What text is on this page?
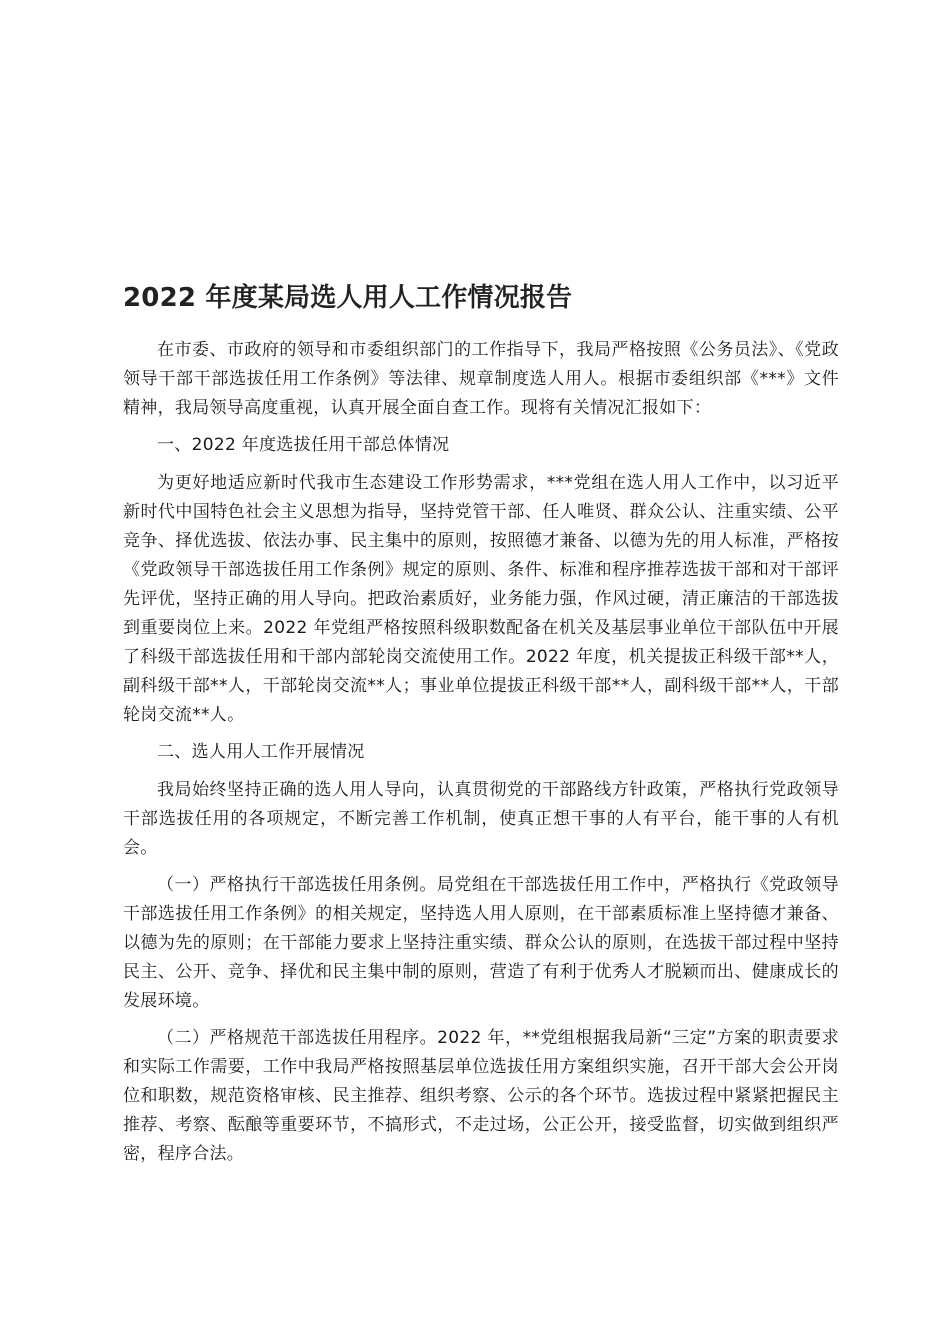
2022 年度某局选人用人工作情况报告

在市委、市政府的领导和市委组织部门的工作指导下，我局严格按照《公务员法》、《党政领导干部干部选拔任用工作条例》等法律、规章制度选人用人。根据市委组织部《***》文件精神，我局领导高度重视，认真开展全面自查工作。现将有关情况汇报如下：

一、2022 年度选拔任用干部总体情况

为更好地适应新时代我市生态建设工作形势需求，***党组在选人用人工作中，以习近平新时代中国特色社会主义思想为指导，坚持党管干部、任人唯贤、群众公认、注重实绩、公平竞争、择优选拔、依法办事、民主集中的原则，按照德才兼备、以德为先的用人标准，严格按《党政领导干部选拔任用工作条例》规定的原则、条件、标准和程序推荐选拔干部和对干部评先评优，坚持正确的用人导向。把政治素质好，业务能力强，作风过硬，清正廉洁的干部选拔到重要岗位上来。2022 年党组严格按照科级职数配备在机关及基层事业单位干部队伍中开展了科级干部选拔任用和干部内部轮岗交流使用工作。2022 年度，机关提拔正科级干部**人，副科级干部**人，干部轮岗交流**人；事业单位提拔正科级干部**人，副科级干部**人，干部轮岗交流**人。

二、选人用人工作开展情况

我局始终坚持正确的选人用人导向，认真贯彻党的干部路线方针政策，严格执行党政领导干部选拔任用的各项规定，不断完善工作机制，使真正想干事的人有平台，能干事的人有机会。

（一）严格执行干部选拔任用条例。局党组在干部选拔任用工作中，严格执行《党政领导干部选拔任用工作条例》的相关规定，坚持选人用人原则，在干部素质标准上坚持德才兼备、以德为先的原则；在干部能力要求上坚持注重实绩、群众公认的原则，在选拔干部过程中坚持民主、公开、竞争、择优和民主集中制的原则，营造了有利于优秀人才脱颖而出、健康成长的发展环境。

（二）严格规范干部选拔任用程序。2022 年，**党组根据我局新“三定”方案的职责要求和实际工作需要，工作中我局严格按照基层单位选拔任用方案组织实施，召开干部大会公开岗位和职数，规范资格审核、民主推荐、组织考察、公示的各个环节。选拔过程中紧紧把握民主推荐、考察、酝酿等重要环节，不搞形式，不走过场，公正公开，接受监督，切实做到组织严密，程序合法。
